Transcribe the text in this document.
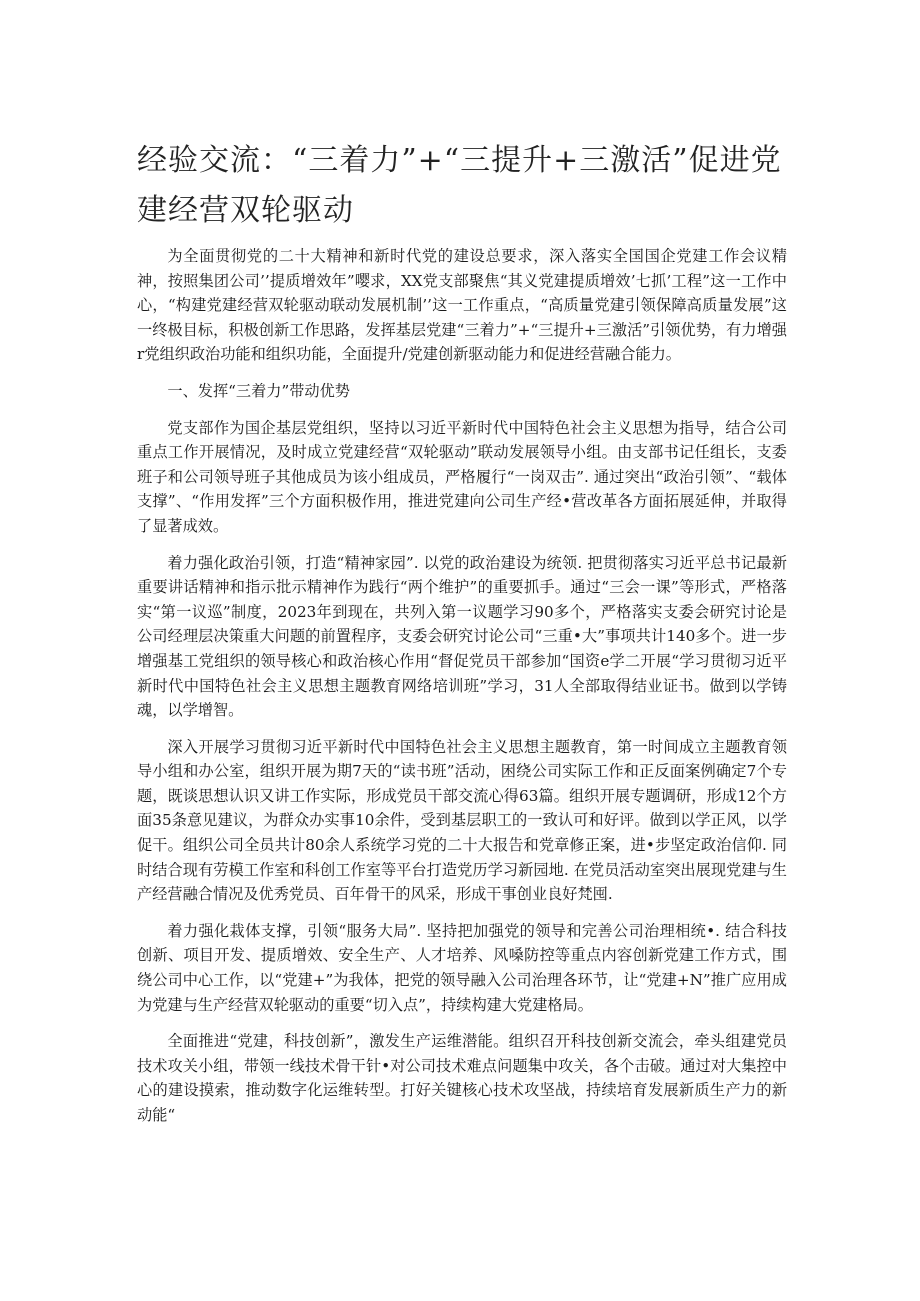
经验交流：“三着力”+“三提升+三激活”促进党建经营双轮驱动

为全面贯彻党的二十大精神和新时代党的建设总要求，深入落实全国国企党建工作会议精神，按照集团公司’’提质增效年”嘤求，XX党支部聚焦“其义党建提质增效’七抓’工程”这一工作中心，“构建党建经营双轮驱动联动发展机制’’这一工作重点，“高质量党建引领保障高质量发展”这一终极目标，积极创新工作思路，发挥基层党建“三着力”+“三提升+三激活”引领优势，有力增强r党组织政治功能和组织功能，全面提升/党建创新驱动能力和促进经营融合能力。

一、发挥“三着力”带动优势

党支部作为国企基层党组织，坚持以习近平新时代中国特色社会主义思想为指导，结合公司重点工作开展情况，及时成立党建经营“双轮驱动”联动发展领导小组。由支部书记任组长，支委班子和公司领导班子其他成员为该小组成员，严格履行“一岗双击”. 通过突出“政治引领”、“载体支撑”、“作用发挥”三个方面积极作用，推进党建向公司生产经•营改革各方面拓展延伸，并取得了显著成效。

着力强化政治引领，打造“精神家园”. 以党的政治建设为统领. 把贯彻落实习近平总书记最新重要讲话精神和指示批示精神作为践行“两个维护”的重要抓手。通过“三会一课”等形式，严格落实“第一议巡”制度，2023年到现在，共列入第一议题学习90多个，严格落实支委会研究讨论是公司经理层决策重大问题的前置程序，支委会研究讨论公司“三重•大”事项共计140多个。进一步增强基工党组织的领导核心和政治核心作用“督促党员干部参加“国资e学二开展“学习贯彻习近平新时代中国特色社会主义思想主题教育网络培训班”学习，31人全部取得结业证书。做到以学铸魂，以学增智。

深入开展学习贯彻习近平新时代中国特色社会主义思想主题教育，第一时间成立主题教育领导小组和办公室，组织开展为期7天的“读书班”活动，困绕公司实际工作和正反面案例确定7个专题，既谈思想认识又讲工作实际，形成党员干部交流心得63篇。组织开展专题调研，形成12个方面35条意见建议，为群众办实事10余件，受到基层职工的一致认可和好评。做到以学正风，以学促干。组织公司全员共计80余人系统学习党的二十大报告和党章修正案，进•步坚定政治信仰. 同时结合现有劳模工作室和科创工作室等平台打造党历学习新园地. 在党员活动室突出展现党建与生产经营融合情况及优秀党员、百年骨干的风采，形成干事创业良好梵囤.

着力强化栽体支撑，引领“服务大局”. 坚持把加强党的领导和完善公司治理相统•. 结合科技创新、项目开发、提质增效、安全生产、人才培养、风嗓防控等重点内容创新党建工作方式，围绕公司中心工作，以“党建+”为我体，把党的领导融入公司治理各环节，让“党建+N”推广应用成为党建与生产经营双轮驱动的重要“切入点”，持续构建大党建格局。

全面推进“党建，科技创新”，激发生产运维潜能。组织召开科技创新交流会，牵头组建党员技术攻关小组，带领一线技术骨干针•对公司技术难点问题集中攻关，各个击破。通过对大集控中心的建设摸索，推动数字化运维转型。打好关键核心技术攻坚战，持续培育发展新质生产力的新动能“
